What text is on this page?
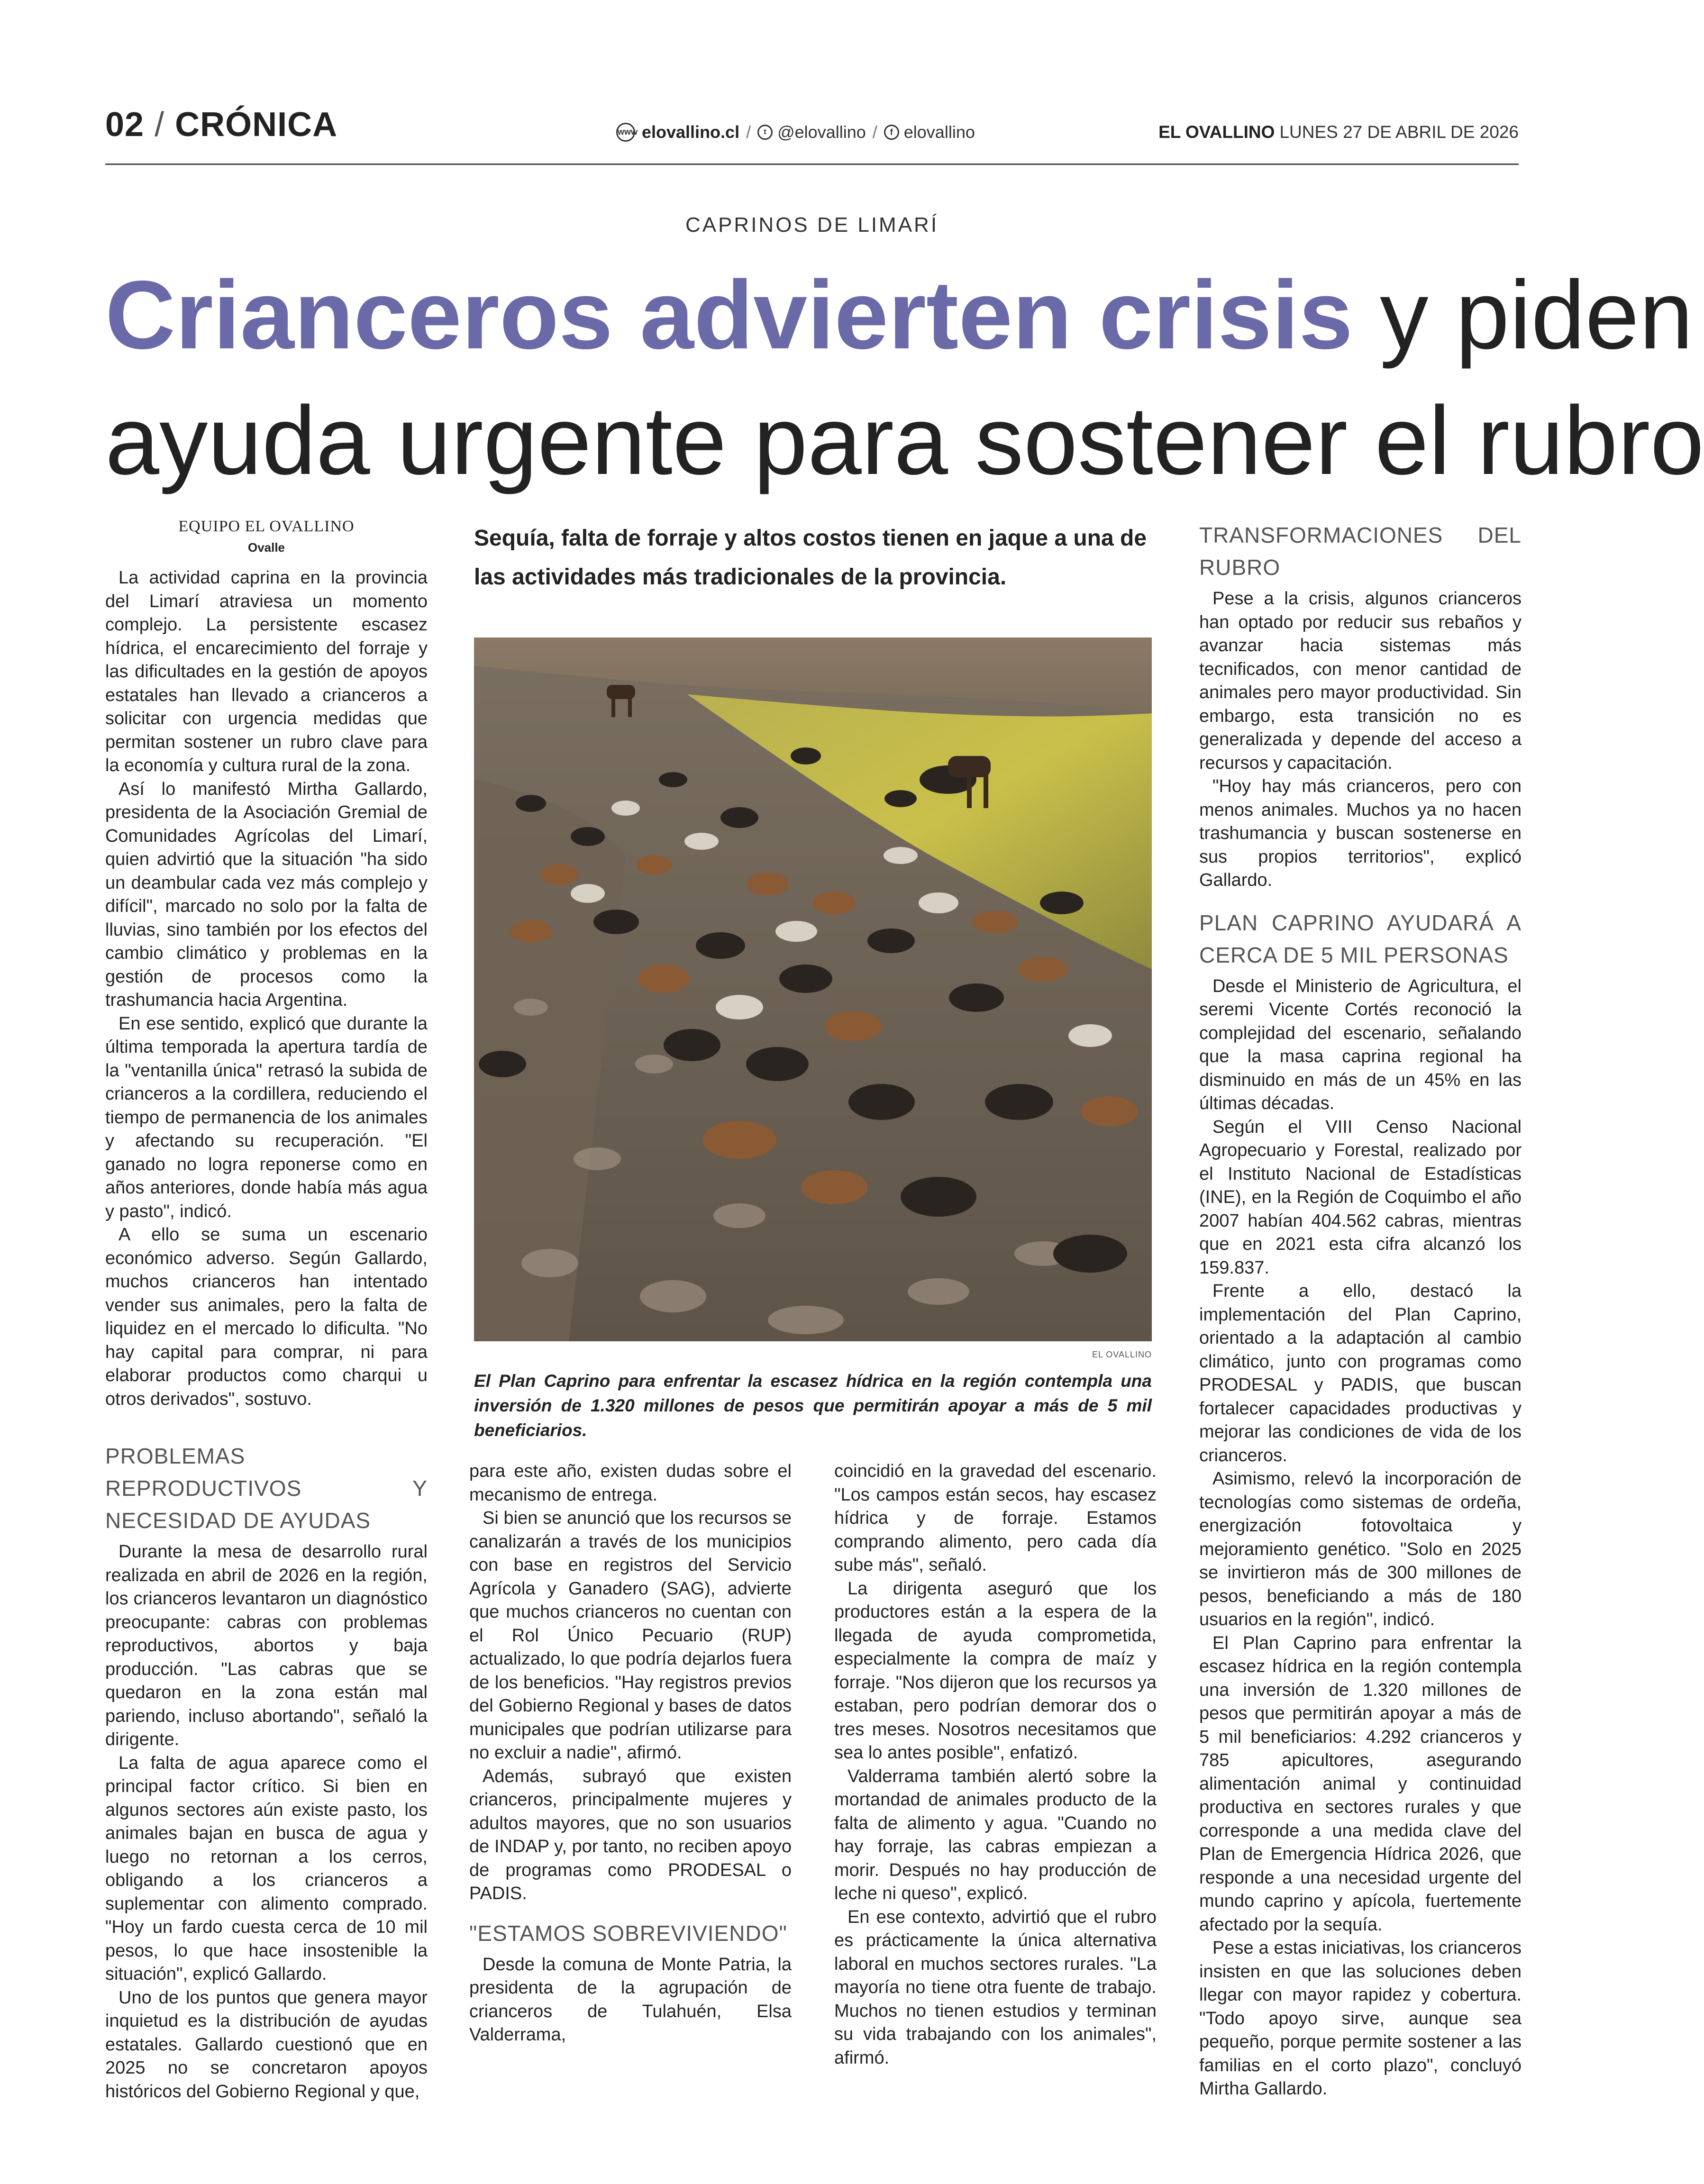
02 / CRÓNICA	www elovallino.cl /	t @elovallino /	f elovallino	EL OVALLINO LUNES 27 DE ABRIL DE 2026
CAPRINOS DE LIMARÍ
Crianceros advierten crisis y piden
ayuda urgente para sostener el rubro
EQUIPO EL OVALLINO
Ovalle

La actividad caprina en la provincia del Limarí atraviesa un momento complejo. La persistente escasez hídrica, el encarecimiento del forraje y las dificultades en la gestión de apoyos estatales han llevado a crianceros a solicitar con urgencia medidas que permitan sostener un rubro clave para la economía y cultura rural de la zona.

Así lo manifestó Mirtha Gallardo, presidenta de la Asociación Gremial de Comunidades Agrícolas del Limarí, quien advirtió que la situación "ha sido un deambular cada vez más complejo y difícil", marcado no solo por la falta de lluvias, sino también por los efectos del cambio climático y problemas en la gestión de procesos como la trashumancia hacia Argentina.

En ese sentido, explicó que durante la última temporada la apertura tardía de la "ventanilla única" retrasó la subida de crianceros a la cordillera, reduciendo el tiempo de permanencia de los animales y afectando su recuperación. "El ganado no logra reponerse como en años anteriores, donde había más agua y pasto", indicó.

A ello se suma un escenario económico adverso. Según Gallardo, muchos crianceros han intentado vender sus animales, pero la falta de liquidez en el mercado lo dificulta. "No hay capital para comprar, ni para elaborar productos como charqui u otros derivados", sostuvo.

PROBLEMAS REPRODUCTIVOS Y NECESIDAD DE AYUDAS

Durante la mesa de desarrollo rural realizada en abril de 2026 en la región, los crianceros levantaron un diagnóstico preocupante: cabras con problemas reproductivos, abortos y baja producción. "Las cabras que se quedaron en la zona están mal pariendo, incluso abortando", señaló la dirigente.

La falta de agua aparece como el principal factor crítico. Si bien en algunos sectores aún existe pasto, los animales bajan en busca de agua y luego no retornan a los cerros, obligando a los crianceros a suplementar con alimento comprado. "Hoy un fardo cuesta cerca de 10 mil pesos, lo que hace insostenible la situación", explicó Gallardo.

Uno de los puntos que genera mayor inquietud es la distribución de ayudas estatales. Gallardo cuestionó que en 2025 no se concretaron apoyos históricos del Gobierno Regional y que,

Sequía, falta de forraje y altos costos tienen en jaque a una de las actividades más tradicionales de la provincia.
EL OVALLINO
El Plan Caprino para enfrentar la escasez hídrica en la región contempla una inversión de 1.320 millones de pesos que permitirán apoyar a más de 5 mil beneficiarios.

para este año, existen dudas sobre el mecanismo de entrega.

Si bien se anunció que los recursos se canalizarán a través de los municipios con base en registros del Servicio Agrícola y Ganadero (SAG), advierte que muchos crianceros no cuentan con el Rol Único Pecuario (RUP) actualizado, lo que podría dejarlos fuera de los beneficios. "Hay registros previos del Gobierno Regional y bases de datos municipales que podrían utilizarse para no excluir a nadie", afirmó.

Además, subrayó que existen crianceros, principalmente mujeres y adultos mayores, que no son usuarios de INDAP y, por tanto, no reciben apoyo de programas como PRODESAL o PADIS.

"ESTAMOS SOBREVIVIENDO"

Desde la comuna de Monte Patria, la presidenta de la agrupación de crianceros de Tulahuén, Elsa Valderrama,

coincidió en la gravedad del escenario. "Los campos están secos, hay escasez hídrica y de forraje. Estamos comprando alimento, pero cada día sube más", señaló.

La dirigenta aseguró que los productores están a la espera de la llegada de ayuda comprometida, especialmente la compra de maíz y forraje. "Nos dijeron que los recursos ya estaban, pero podrían demorar dos o tres meses. Nosotros necesitamos que sea lo antes posible", enfatizó.

Valderrama también alertó sobre la mortandad de animales producto de la falta de alimento y agua. "Cuando no hay forraje, las cabras empiezan a morir. Después no hay producción de leche ni queso", explicó.

En ese contexto, advirtió que el rubro es prácticamente la única alternativa laboral en muchos sectores rurales. "La mayoría no tiene otra fuente de trabajo. Muchos no tienen estudios y terminan su vida trabajando con los animales", afirmó.

TRANSFORMACIONES DEL RUBRO

Pese a la crisis, algunos crianceros han optado por reducir sus rebaños y avanzar hacia sistemas más tecnificados, con menor cantidad de animales pero mayor productividad. Sin embargo, esta transición no es generalizada y depende del acceso a recursos y capacitación.

"Hoy hay más crianceros, pero con menos animales. Muchos ya no hacen trashumancia y buscan sostenerse en sus propios territorios", explicó Gallardo.

PLAN CAPRINO AYUDARÁ A CERCA DE 5 MIL PERSONAS

Desde el Ministerio de Agricultura, el seremi Vicente Cortés reconoció la complejidad del escenario, señalando que la masa caprina regional ha disminuido en más de un 45% en las últimas décadas.

Según el VIII Censo Nacional Agropecuario y Forestal, realizado por el Instituto Nacional de Estadísticas (INE), en la Región de Coquimbo el año 2007 habían 404.562 cabras, mientras que en 2021 esta cifra alcanzó los 159.837.

Frente a ello, destacó la implementación del Plan Caprino, orientado a la adaptación al cambio climático, junto con programas como PRODESAL y PADIS, que buscan fortalecer capacidades productivas y mejorar las condiciones de vida de los crianceros.

Asimismo, relevó la incorporación de tecnologías como sistemas de ordeña, energización fotovoltaica y mejoramiento genético. "Solo en 2025 se invirtieron más de 300 millones de pesos, beneficiando a más de 180 usuarios en la región", indicó.

El Plan Caprino para enfrentar la escasez hídrica en la región contempla una inversión de 1.320 millones de pesos que permitirán apoyar a más de 5 mil beneficiarios: 4.292 crianceros y 785 apicultores, asegurando alimentación animal y continuidad productiva en sectores rurales y que corresponde a una medida clave del Plan de Emergencia Hídrica 2026, que responde a una necesidad urgente del mundo caprino y apícola, fuertemente afectado por la sequía.

Pese a estas iniciativas, los crianceros insisten en que las soluciones deben llegar con mayor rapidez y cobertura. "Todo apoyo sirve, aunque sea pequeño, porque permite sostener a las familias en el corto plazo", concluyó Mirtha Gallardo.
